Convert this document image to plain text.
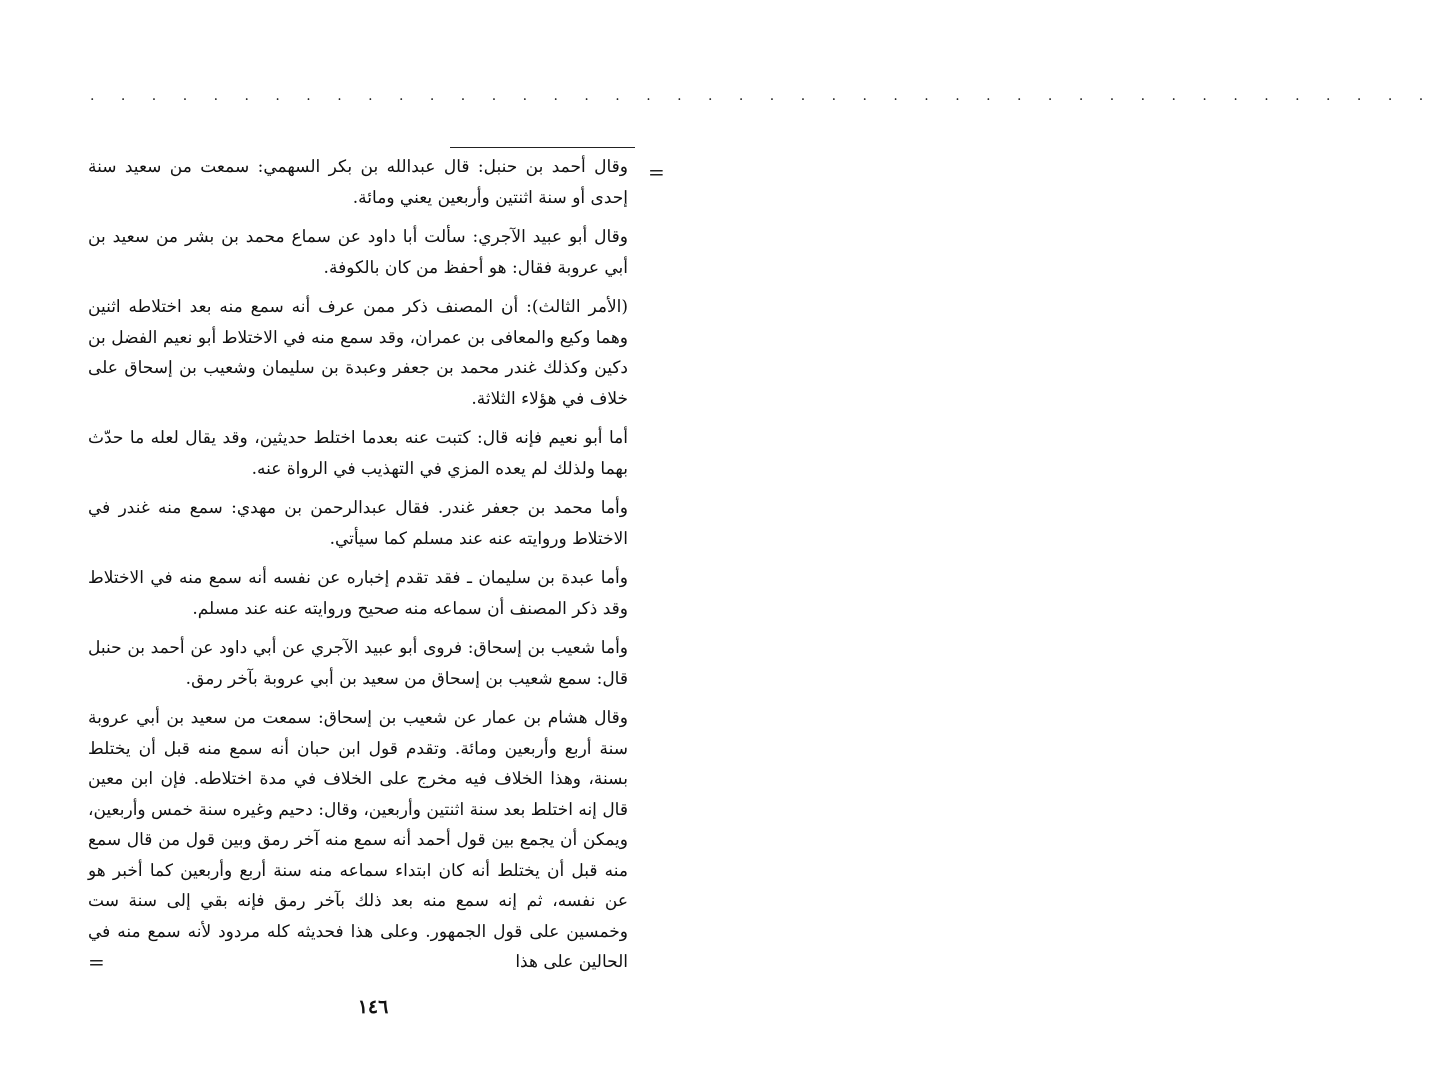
. . . . . . . . . . . . . . . . . . . . . . . . . . . . . . . . . . . . . . . . . . . .
=

وقال أحمد بن حنبل: قال عبدالله بن بكر السهمي: سمعت من سعيد سنة إحدى أو سنة اثنتين وأربعين يعني ومائة.

وقال أبو عبيد الآجري: سألت أبا داود عن سماع محمد بن بشر من سعيد بن أبي عروبة فقال: هو أحفظ من كان بالكوفة.

(الأمر الثالث): أن المصنف ذكر ممن عرف أنه سمع منه بعد اختلاطه اثنين وهما وكيع والمعافى بن عمران، وقد سمع منه في الاختلاط أبو نعيم الفضل بن دكين وكذلك غندر محمد بن جعفر وعبدة بن سليمان وشعيب بن إسحاق على خلاف في هؤلاء الثلاثة.

أما أبو نعيم فإنه قال: كتبت عنه بعدما اختلط حديثين، وقد يقال لعله ما حدّث بهما ولذلك لم يعده المزي في التهذيب في الرواة عنه.

وأما محمد بن جعفر غندر. فقال عبدالرحمن بن مهدي: سمع منه غندر في الاختلاط وروايته عنه عند مسلم كما سيأتي.

وأما عبدة بن سليمان ـ فقد تقدم إخباره عن نفسه أنه سمع منه في الاختلاط وقد ذكر المصنف أن سماعه منه صحيح وروايته عنه عند مسلم.

وأما شعيب بن إسحاق: فروى أبو عبيد الآجري عن أبي داود عن أحمد بن حنبل قال: سمع شعيب بن إسحاق من سعيد بن أبي عروبة بآخر رمق.

وقال هشام بن عمار عن شعيب بن إسحاق: سمعت من سعيد بن أبي عروبة سنة أربع وأربعين ومائة. وتقدم قول ابن حبان أنه سمع منه قبل أن يختلط بسنة، وهذا الخلاف فيه مخرج على الخلاف في مدة اختلاطه. فإن ابن معين قال إنه اختلط بعد سنة اثنتين وأربعين، وقال: دحيم وغيره سنة خمس وأربعين، ويمكن أن يجمع بين قول أحمد أنه سمع منه آخر رمق وبين قول من قال سمع منه قبل أن يختلط أنه كان ابتداء سماعه منه سنة أربع وأربعين كما أخبر هو عن نفسه، ثم إنه سمع منه بعد ذلك بآخر رمق فإنه بقي إلى سنة ست وخمسين على قول الجمهور. وعلى هذا فحديثه كله مردود لأنه سمع منه في الحالين على هذا

=
١٤٦
